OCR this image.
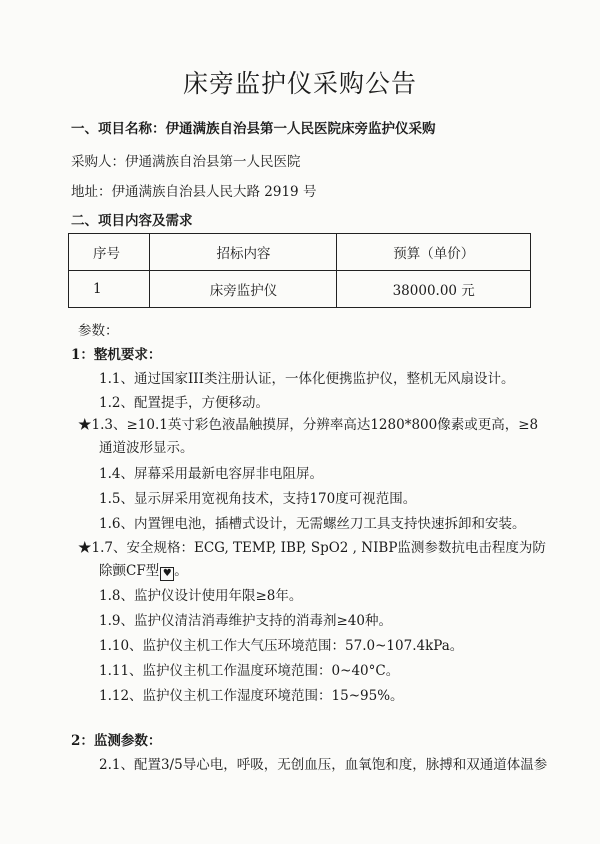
床旁监护仪采购公告
一、项目名称：伊通满族自治县第一人民医院床旁监护仪采购
采购人：伊通满族自治县第一人民医院
地址：伊通满族自治县人民大路 2919 号
二、项目内容及需求
序号	招标内容	预算（单价）
1	床旁监护仪	38000.00 元
参数：
1：整机要求：
1.1、通过国家III类注册认证，一体化便携监护仪，整机无风扇设计。
1.2、配置提手，方便移动。
★1.3、≥10.1英寸彩色液晶触摸屏，分辨率高达1280*800像素或更高，≥8
通道波形显示。
1.4、屏幕采用最新电容屏非电阻屏。
1.5、显示屏采用宽视角技术，支持170度可视范围。
1.6、内置锂电池，插槽式设计，无需螺丝刀工具支持快速拆卸和安装。
★1.7、安全规格：ECG, TEMP, IBP, SpO2 , NIBP监测参数抗电击程度为防
除颤CF型 ♥ 。
1.8、监护仪设计使用年限≥8年。
1.9、监护仪清洁消毒维护支持的消毒剂≥40种。
1.10、监护仪主机工作大气压环境范围：57.0~107.4kPa。
1.11、监护仪主机工作温度环境范围：0~40°C。
1.12、监护仪主机工作湿度环境范围：15~95%。
2：监测参数：
2.1、配置3/5导心电，呼吸，无创血压，血氧饱和度，脉搏和双通道体温参
